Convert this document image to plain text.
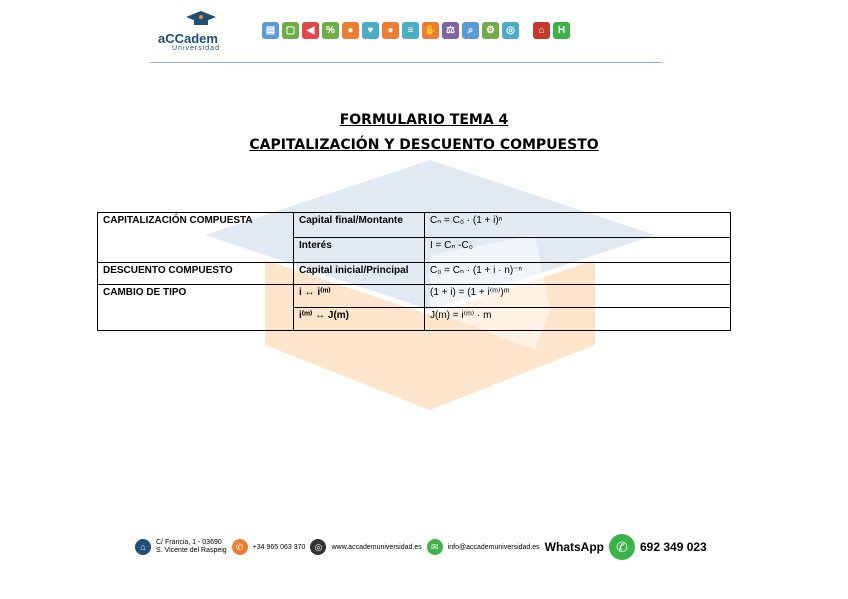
aCCadem
Universidad
▤	▢	◀	%	●	♥	●	≡	✋ ⚖	⌕	⚙	◎	⌂	H
FORMULARIO TEMA 4
CAPITALIZACIÓN Y DESCUENTO COMPUESTO
CAPITALIZACIÓN COMPUESTA	Capital final/Montante	Cₙ = C₀ · (1 + i)ⁿ
	Interés	I = Cₙ -C₀
DESCUENTO COMPUESTO	Capital inicial/Principal	C₀ = Cₙ · (1 + i · n)⁻ⁿ
CAMBIO DE TIPO	i ↔ i⁽ᵐ⁾	(1 + i) = (1 + i⁽ᵐ⁾)ᵐ
	i⁽ᵐ⁾ ↔ J(m)	J(m) = i⁽ᵐ⁾ · m
⌂	C/ Francia, 1 - 03690
S. Vicente del Raspeig	✆	+34 965 063 370	◎	www.accademuniversidad.es	✉	info@accademuniversidad.es WhatsApp ✆	692 349 023
